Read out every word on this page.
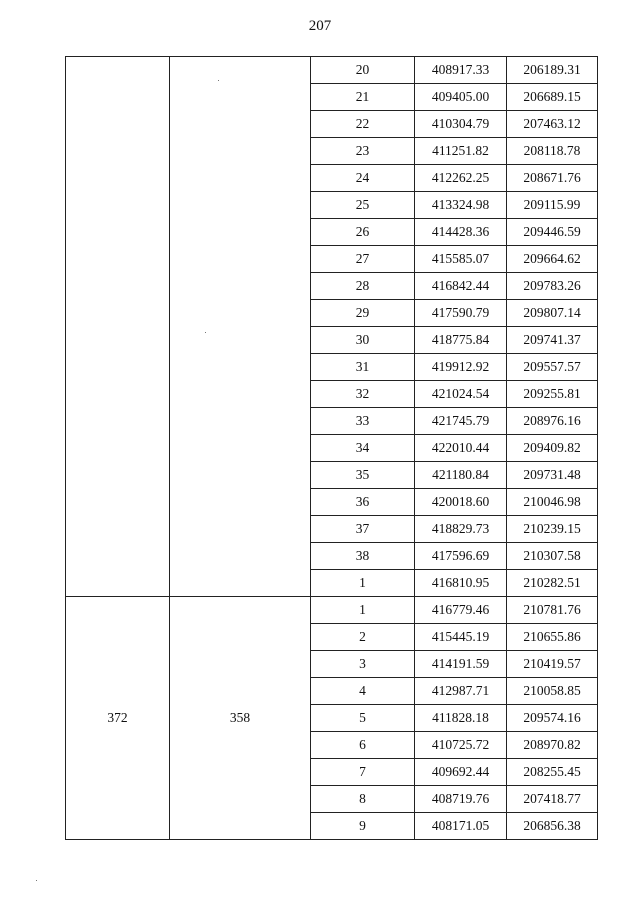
207
		20	408917.33	206189.31
		21	409405.00	206689.15
		22	410304.79	207463.12
		23	411251.82	208118.78
		24	412262.25	208671.76
		25	413324.98	209115.99
		26	414428.36	209446.59
		27	415585.07	209664.62
		28	416842.44	209783.26
		29	417590.79	209807.14
		30	418775.84	209741.37
		31	419912.92	209557.57
		32	421024.54	209255.81
		33	421745.79	208976.16
		34	422010.44	209409.82
		35	421180.84	209731.48
		36	420018.60	210046.98
		37	418829.73	210239.15
		38	417596.69	210307.58
		1	416810.95	210282.51
372	358	1	416779.46	210781.76
		2	415445.19	210655.86
		3	414191.59	210419.57
		4	412987.71	210058.85
		5	411828.18	209574.16
		6	410725.72	208970.82
		7	409692.44	208255.45
		8	408719.76	207418.77
		9	408171.05	206856.38
